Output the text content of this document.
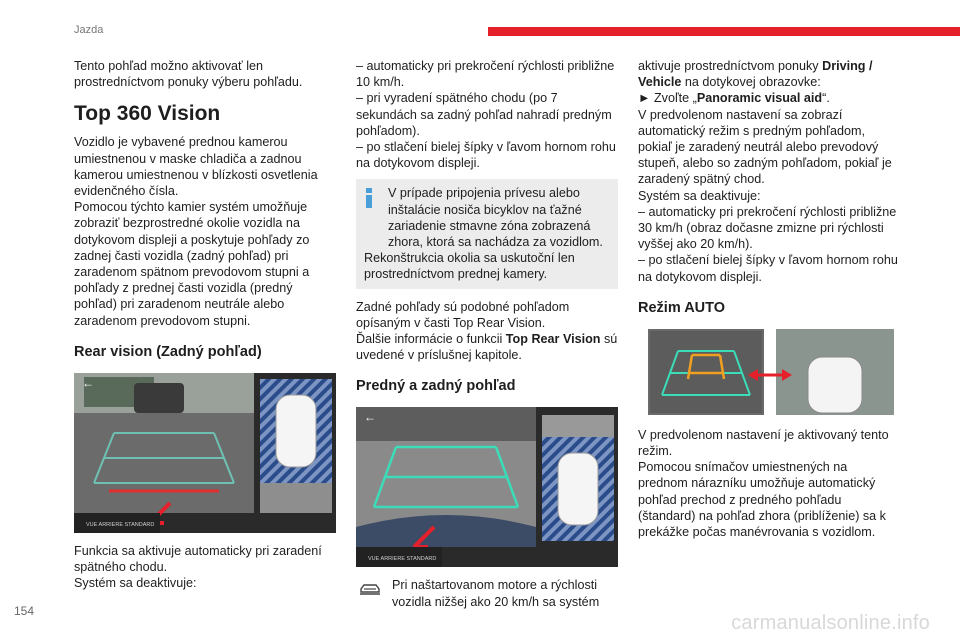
Jazda

Tento pohľad možno aktivovať len prostredníctvom ponuky výberu pohľadu.

Top 360 Vision

Vozidlo je vybavené prednou kamerou umiestnenou v maske chladiča a zadnou kamerou umiestnenou v blízkosti osvetlenia evidenčného čísla.

Pomocou týchto kamier systém umožňuje zobraziť bezprostredné okolie vozidla na dotykovom displeji a poskytuje pohľady zo zadnej časti vozidla (zadný pohľad) pri zaradenom spätnom prevodovom stupni a pohľady z prednej časti vozidla (predný pohľad) pri zaradenom neutrále alebo zaradenom prevodovom stupni.

Rear vision (Zadný pohľad)
←
VUE ARRIERE STANDARD

Funkcia sa aktivuje automaticky pri zaradení spätného chodu.

Systém sa deaktivuje:

– automaticky pri prekročení rýchlosti približne 10 km/h.

– pri vyradení spätného chodu (po 7 sekundách sa zadný pohľad nahradí predným pohľadom).

– po stlačení bielej šípky v ľavom hornom rohu na dotykovom displeji.

V prípade pripojenia prívesu alebo inštalácie nosiča bicyklov na ťažné zariadenie stmavne zóna zobrazená zhora, ktorá sa nachádza za vozidlom.

Rekonštrukcia okolia sa uskutoční len prostredníctvom prednej kamery.

Zadné pohľady sú podobné pohľadom opísaným v časti Top Rear Vision.

Ďalšie informácie o funkcii Top Rear Vision sú uvedené v príslušnej kapitole.

Predný a zadný pohľad
←
VUE ARRIERE STANDARD

Pri naštartovanom motore a rýchlosti vozidla nižšej ako 20 km/h sa systém

aktivuje prostredníctvom ponuky Driving / Vehicle na dotykovej obrazovke:

► Zvoľte „Panoramic visual aid“.

V predvolenom nastavení sa zobrazí automatický režim s predným pohľadom, pokiaľ je zaradený neutrál alebo prevodový stupeň, alebo so zadným pohľadom, pokiaľ je zaradený spätný chod.

Systém sa deaktivuje:

– automaticky pri prekročení rýchlosti približne 30 km/h (obraz dočasne zmizne pri rýchlosti vyššej ako 20 km/h).

– po stlačení bielej šípky v ľavom hornom rohu na dotykovom displeji.

Režim AUTO

V predvolenom nastavení je aktivovaný tento režim.

Pomocou snímačov umiestnených na prednom nárazníku umožňuje automatický pohľad prechod z predného pohľadu (štandard) na pohľad zhora (priblíženie) sa k prekážke počas manévrovania s vozidlom.

154
carmanualsonline.info
